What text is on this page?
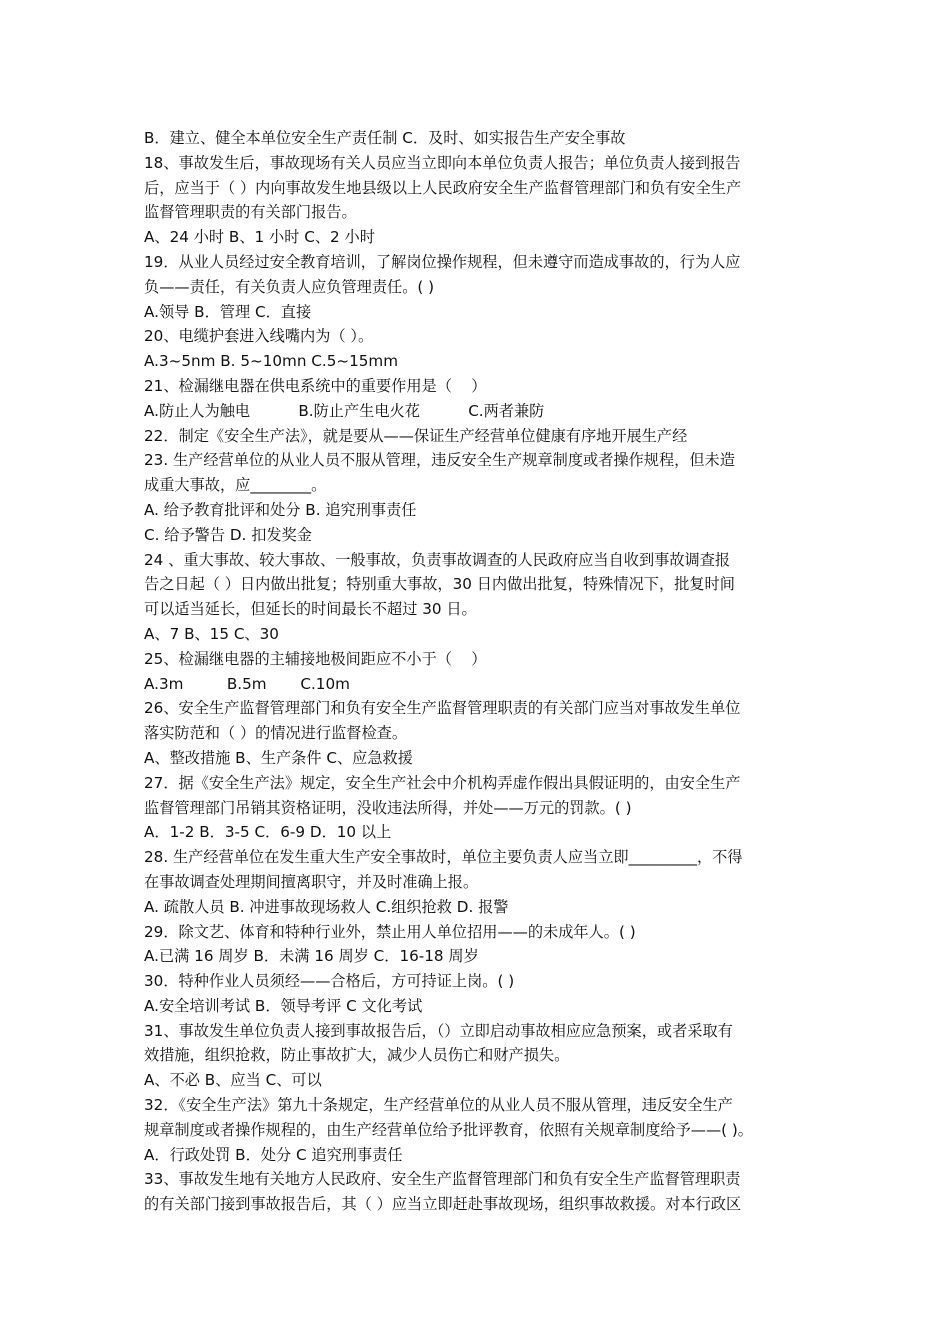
B．建立、健全本单位安全生产责任制 C．及时、如实报告生产安全事故
18、事故发生后，事故现场有关人员应当立即向本单位负责人报告；单位负责人接到报告
后，应当于（ ）内向事故发生地县级以上人民政府安全生产监督管理部门和负有安全生产
监督管理职责的有关部门报告。
A、24 小时 B、1 小时 C、2 小时
19．从业人员经过安全教育培训，了解岗位操作规程，但未遵守而造成事故的，行为人应
负——责任，有关负责人应负管理责任。( )
A.领导 B．管理 C．直接
20、电缆护套进入线嘴内为（ ）。
A.3~5nm B. 5~10mn C.5~15mm
21、检漏继电器在供电系统中的重要作用是（    ）
A.防止人为触电          B.防止产生电火花          C.两者兼防
22．制定《安全生产法》，就是要从——保证生产经营单位健康有序地开展生产经
23. 生产经营单位的从业人员不服从管理，违反安全生产规章制度或者操作规程，但未造
成重大事故，应________。
A. 给予教育批评和处分 B. 追究刑事责任
C. 给予警告 D. 扣发奖金
24 、重大事故、较大事故、一般事故，负责事故调查的人民政府应当自收到事故调查报
告之日起（ ）日内做出批复；特别重大事故，30 日内做出批复，特殊情况下，批复时间
可以适当延长，但延长的时间最长不超过 30 日。
A、7 B、15 C、30
25、检漏继电器的主辅接地极间距应不小于（    ）
A.3m         B.5m       C.10m
26、安全生产监督管理部门和负有安全生产监督管理职责的有关部门应当对事故发生单位
落实防范和（ ）的情况进行监督检查。
A、整改措施 B、生产条件 C、应急救援
27．据《安全生产法》规定，安全生产社会中介机构弄虚作假出具假证明的，由安全生产
监督管理部门吊销其资格证明，没收违法所得，并处——万元的罚款。( )
A．1-2 B．3-5 C．6-9 D．10 以上
28. 生产经营单位在发生重大生产安全事故时，单位主要负责人应当立即_________，不得
在事故调查处理期间擅离职守，并及时准确上报。
A. 疏散人员 B. 冲进事故现场救人 C.组织抢救 D. 报警
29．除文艺、体育和特种行业外，禁止用人单位招用——的未成年人。( )
A.已满 16 周岁 B．未满 16 周岁 C．16-18 周岁
30．特种作业人员须经——合格后，方可持证上岗。( )
A.安全培训考试 B．领导考评 C 文化考试
31、事故发生单位负责人接到事故报告后，（）立即启动事故相应应急预案，或者采取有
效措施，组织抢救，防止事故扩大，减少人员伤亡和财产损失。
A、不必 B、应当 C、可以
32．《安全生产法》第九十条规定，生产经营单位的从业人员不服从管理，违反安全生产
规章制度或者操作规程的，由生产经营单位给予批评教育，依照有关规章制度给予——( )。
A．行政处罚 B．处分 C 追究刑事责任
33、事故发生地有关地方人民政府、安全生产监督管理部门和负有安全生产监督管理职责
的有关部门接到事故报告后，其（ ）应当立即赶赴事故现场，组织事故救援。对本行政区
